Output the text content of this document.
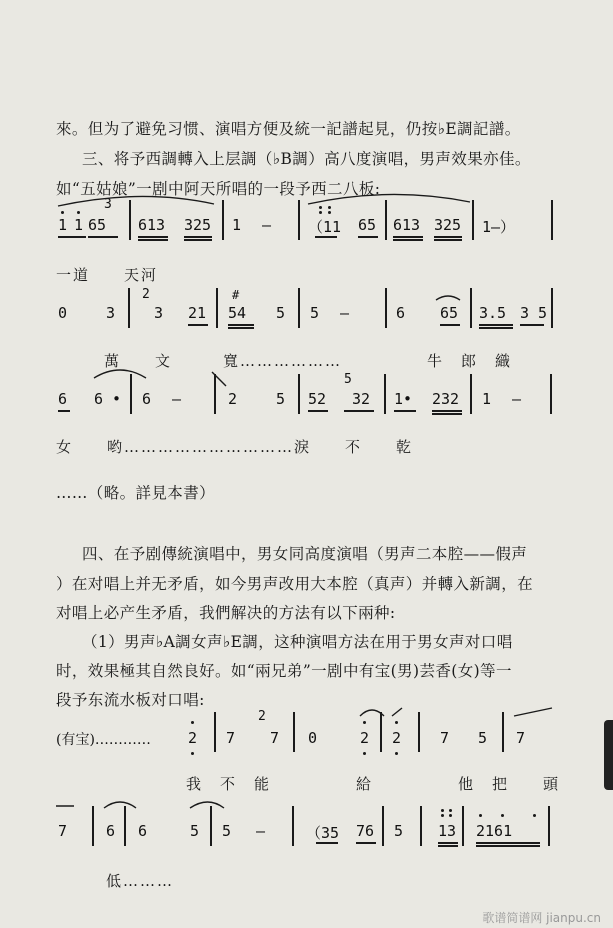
來。但为了避免习惯、演唱方便及統一記譜起見，仍按♭E調記譜。
三、将予西調轉入上层調（♭B調）高八度演唱，男声效果亦佳。
如“五姑娘”一剧中阿天所唱的一段予西二八板:
1 1 65
3
613 325 1 — （11 65 613 325 1—）
一道　　天河
0	3
2
3 21
#
54 5 5 —	6 65 3.5 3 5
萬　　文　　　寬………………　　　　　牛　郎　織
6 6 • 6 —	2	5 52
5
32 1• 232 1 —
女　　哟…………………………淚　　不　　乾
……（略。詳見本書）
四、在予剧傳統演唱中，男女同高度演唱（男声二本腔——假声
）在对唱上并无矛盾，如今男声改用大本腔（真声）并轉入新調，在
对唱上必产生矛盾，我們解决的方法有以下兩种:
（1）男声♭A調女声♭E調，这种演唱方法在用于男女声对口唱
时，效果極其自然良好。如“兩兄弟”一剧中有宝(男)芸香(女)等一
段予东流水板对口唱:
(有宝)………… 2 7
2
7 0	2 2	7 5 7
我　不　能　　　　　給　　　　　他　把　　頭
7	6 6	5 5 —	（35 76 5 13 2161
低………
歌谱简谱网 jianpu.cn
